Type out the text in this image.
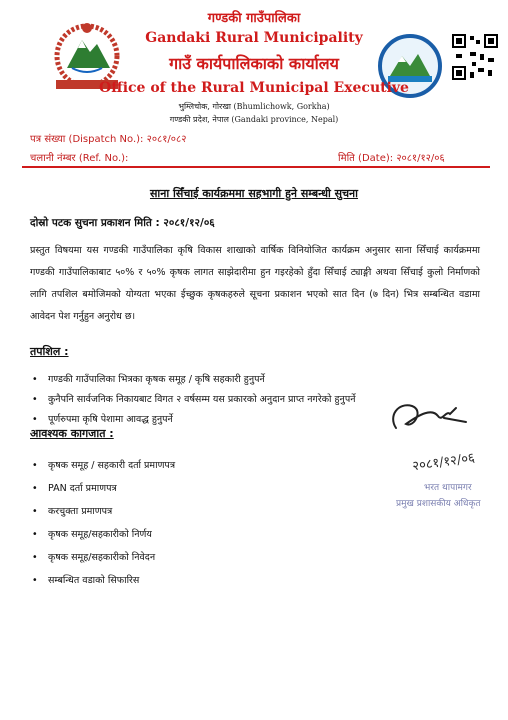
गण्डकी गाउँपालिका
Gandaki Rural Municipality
गाउँ कार्यपालिकाको कार्यालय
Office of the Rural Municipal Executive
भुम्लिचोक, गोरखा (Bhumlichowk, Gorkha)
गण्डकी प्रदेश, नेपाल (Gandaki province, Nepal)
पत्र संख्या (Dispatch No.): २०८१/०८२
चलानी नंम्बर (Ref. No.):	मिति (Date): २०८१/१२/०६
साना सिँचाई कार्यक्रममा सहभागी हुने सम्बन्धी सुचना
दोस्रो पटक सुचना प्रकाशन मिति : २०८१/१२/०६
प्रस्तुत विषयमा यस गण्डकी गाउँपालिका कृषि विकास शाखाको वार्षिक विनियोजित कार्यक्रम अनुसार साना सिँचाई कार्यक्रममा गण्डकी गाउँपालिकाबाट ५०% र ५०% कृषक लागत साझेदारीमा हुन गइरहेको हुँदा सिँचाई ट्याङ्गी अथवा सिँचाई कुलो निर्माणको लागि तपशिल बमोजिमको योग्यता भएका ईच्छुक कृषकहरुले सूचना प्रकाशन भएको सात दिन (७ दिन) भित्र सम्बन्धित वडामा आवेदन पेश गर्नुहुन अनुरोध छ।
तपशिल :
• गण्डकी गाउँपालिका भित्रका कृषक समूह / कृषि सहकारी हुनुपर्ने
• कुनैपनि सार्वजनिक निकायबाट विगत २ वर्षसम्म यस प्रकारको अनुदान प्राप्त नगरेको हुनुपर्ने
• पूर्णरुपमा कृषि पेशामा आवद्ध हुनुपर्ने
आवश्यक कागजात :
• कृषक समूह / सहकारी दर्ता प्रमाणपत्र
• PAN दर्ता प्रमाणपत्र
• करचुक्ता प्रमाणपत्र
• कृषक समूह/सहकारीको निर्णय
• कृषक समूह/सहकारीको निवेदन
• सम्बन्धित वडाको सिफारिस
२०८१/१२/०६
भरत थापामगर
प्रमुख प्रशासकीय अधिकृत
